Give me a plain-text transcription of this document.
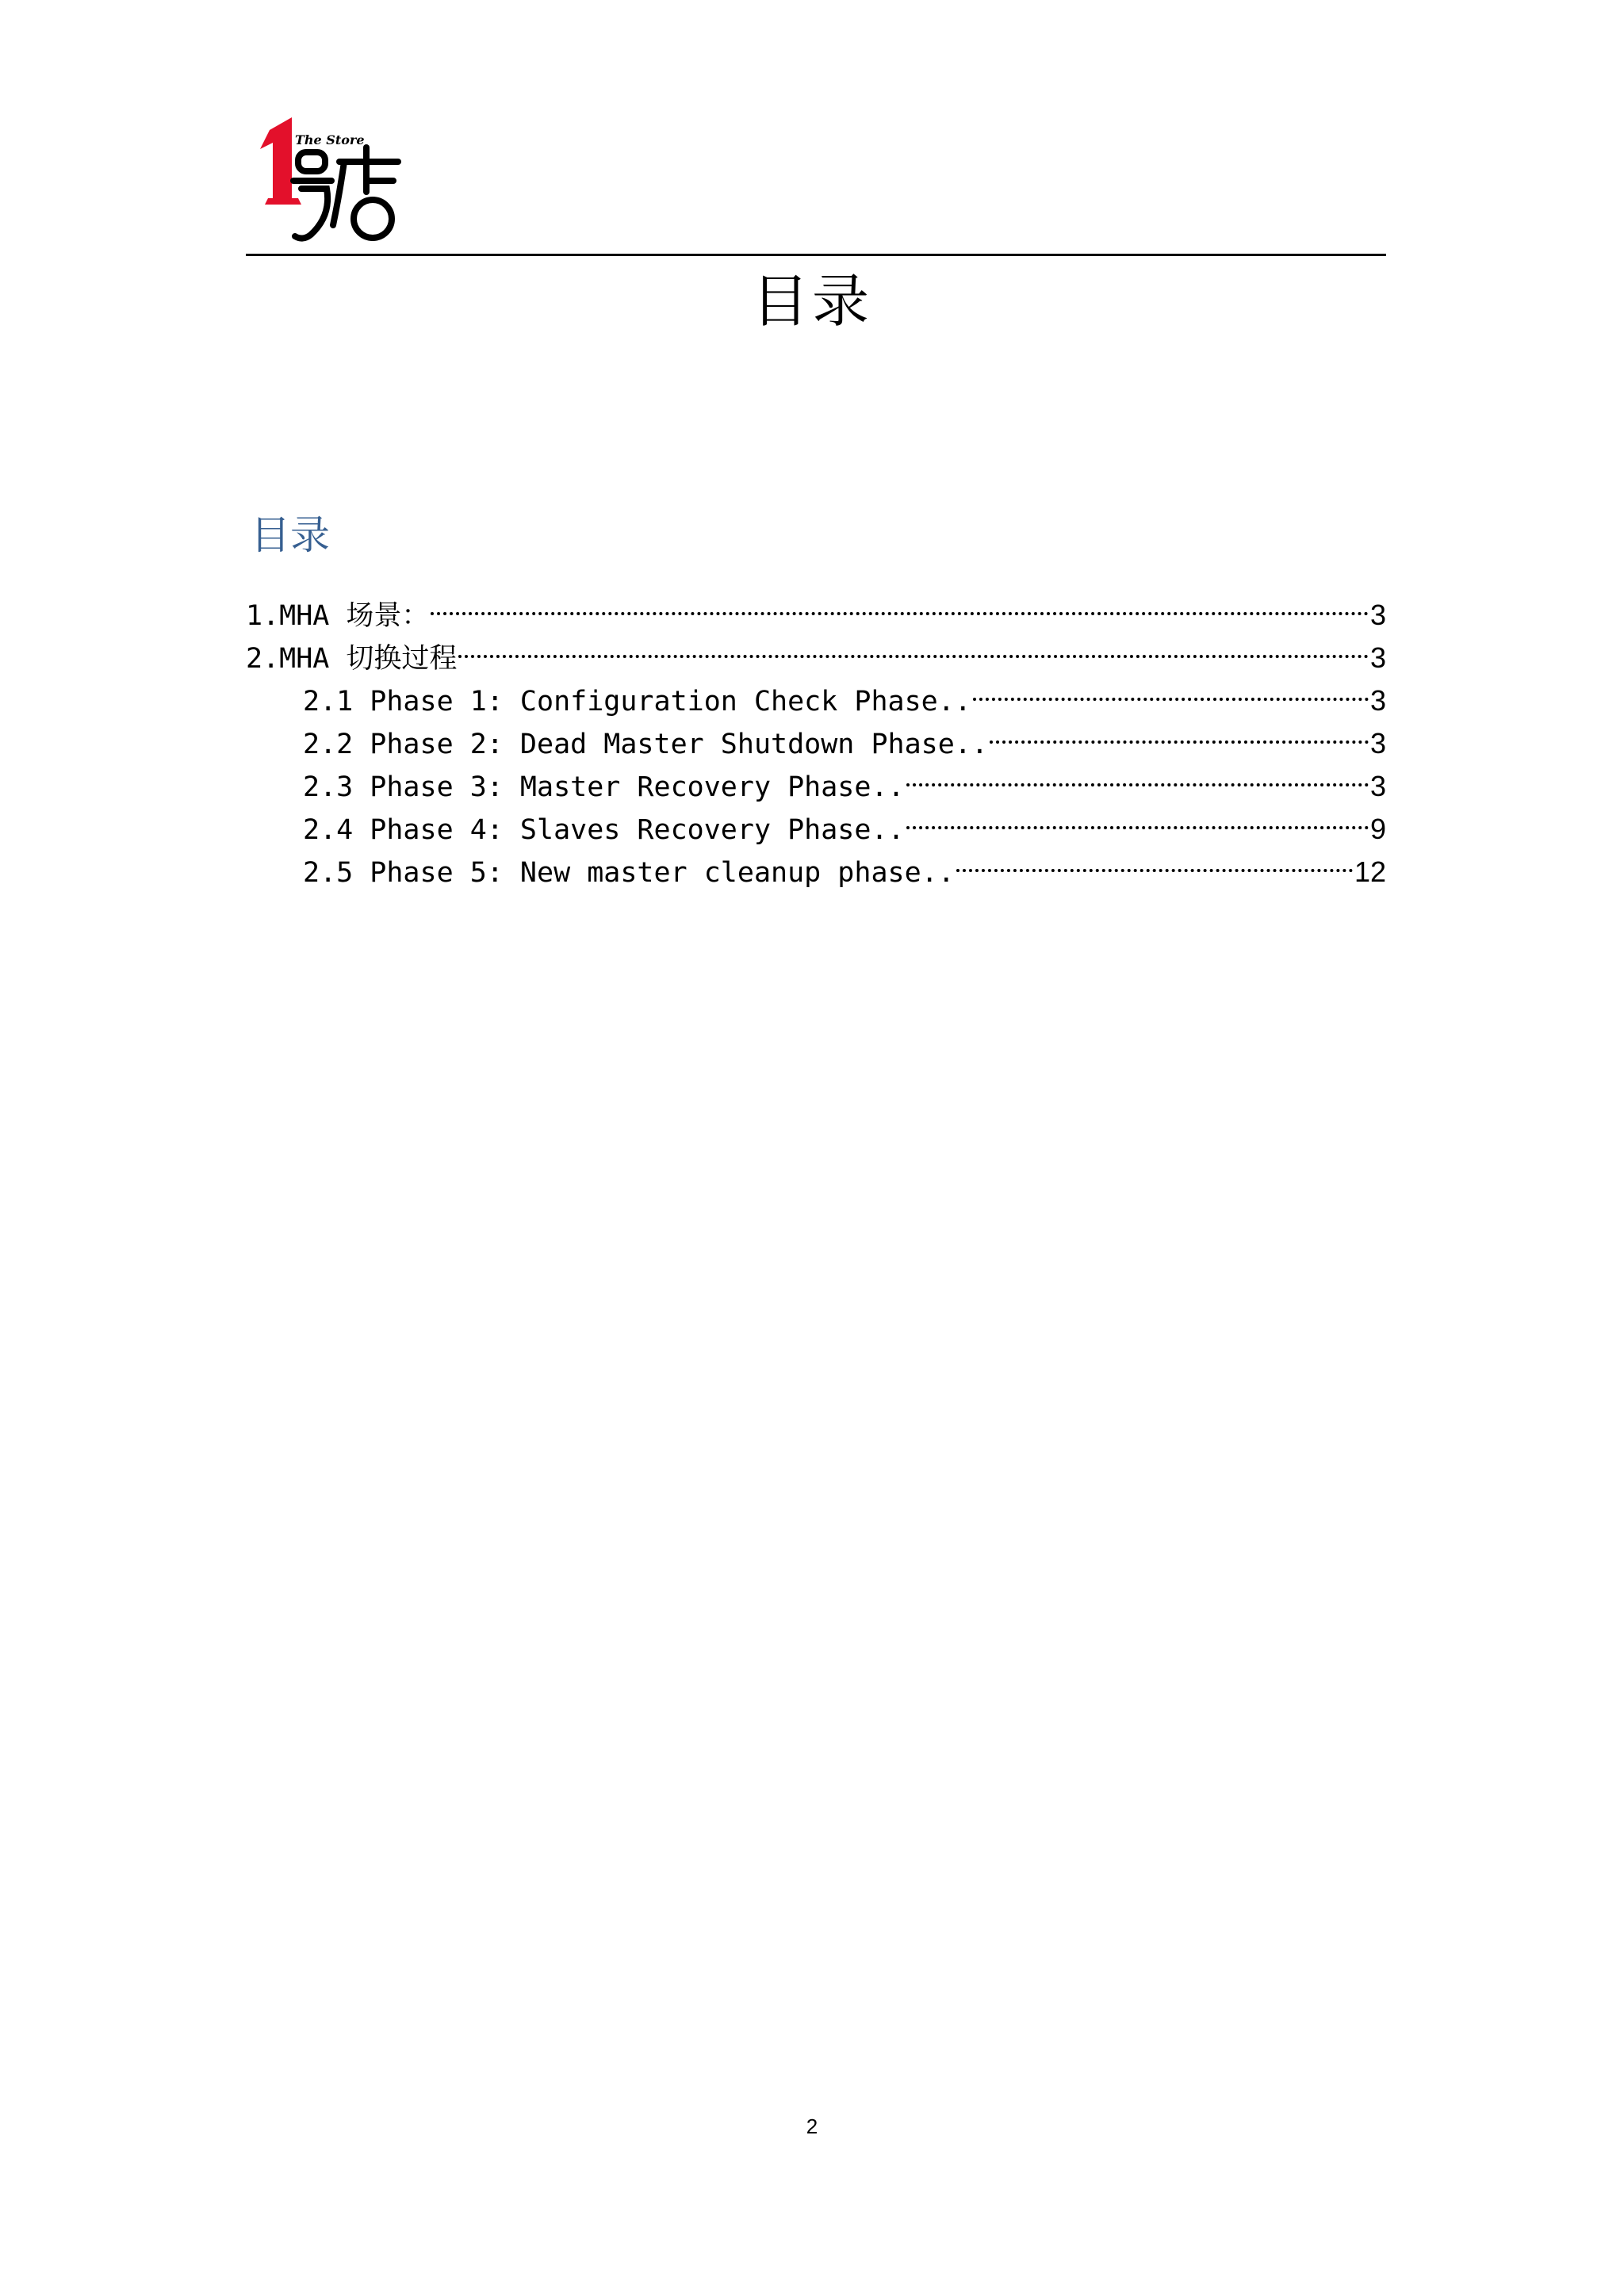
The Store
目录
目录
1.MHA 场景：	3
2.MHA 切换过程	3
2.1 Phase 1: Configuration Check Phase..	3
2.2 Phase 2: Dead Master Shutdown Phase..	3
2.3 Phase 3: Master Recovery Phase..	3
2.4 Phase 4: Slaves Recovery Phase..	9
2.5 Phase 5: New master cleanup phase..	12
2
